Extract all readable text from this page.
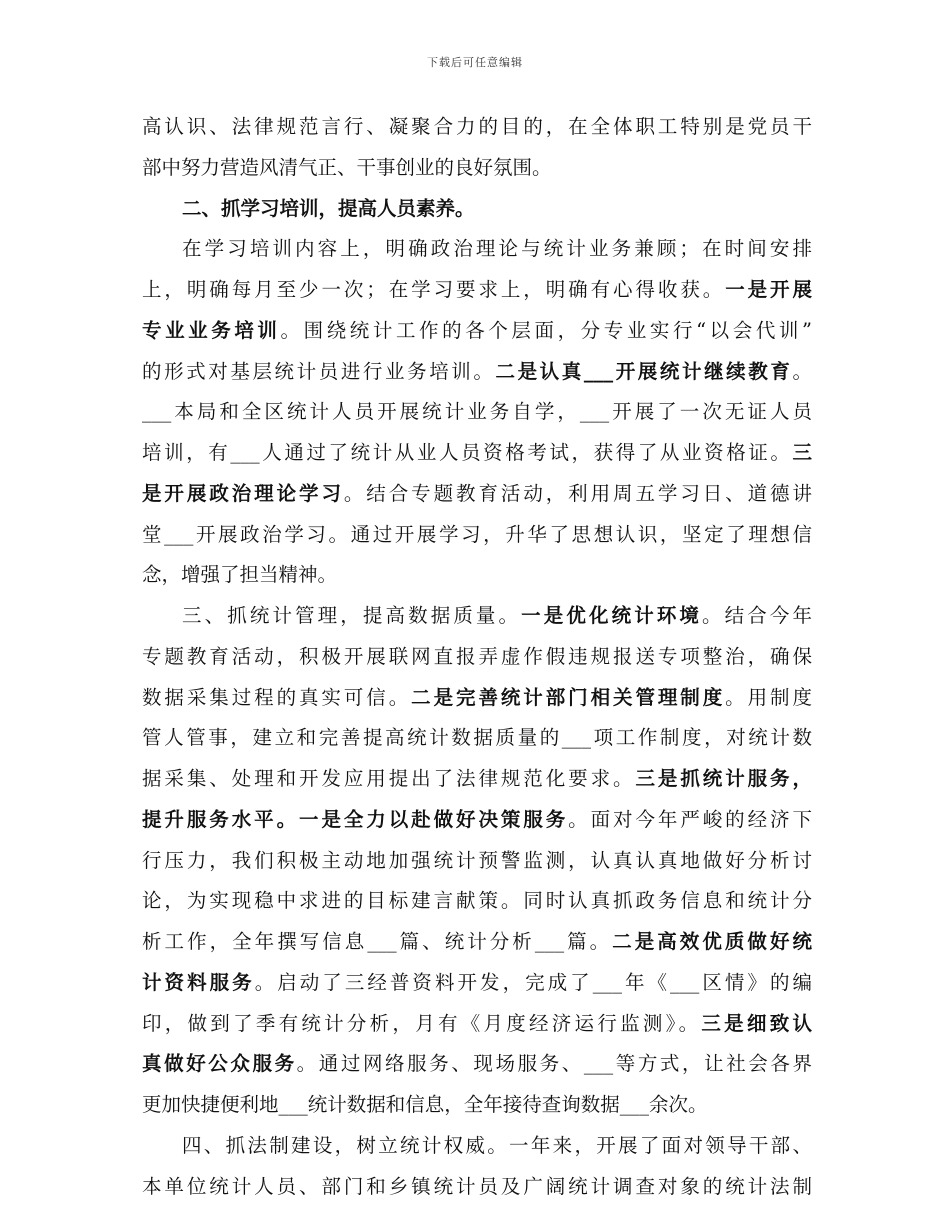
下载后可任意编辑
高认识、法律规范言行、凝聚合力的目的，在全体职工特别是党员干
部中努力营造风清气正、干事创业的良好氛围。
二、抓学习培训，提高人员素养。
在学习培训内容上，明确政治理论与统计业务兼顾；在时间安排
上，明确每月至少一次；在学习要求上，明确有心得收获。一是开展
专业业务培训。围绕统计工作的各个层面，分专业实行“以会代训”
的形式对基层统计员进行业务培训。二是认真___开展统计继续教育。
___本局和全区统计人员开展统计业务自学，___开展了一次无证人员
培训，有___人通过了统计从业人员资格考试，获得了从业资格证。三
是开展政治理论学习。结合专题教育活动，利用周五学习日、道德讲
堂___开展政治学习。通过开展学习，升华了思想认识，坚定了理想信
念，增强了担当精神。
三、抓统计管理，提高数据质量。一是优化统计环境。结合今年
专题教育活动，积极开展联网直报弄虚作假违规报送专项整治，确保
数据采集过程的真实可信。二是完善统计部门相关管理制度。用制度
管人管事，建立和完善提高统计数据质量的___项工作制度，对统计数
据采集、处理和开发应用提出了法律规范化要求。三是抓统计服务，
提升服务水平。一是全力以赴做好决策服务。面对今年严峻的经济下
行压力，我们积极主动地加强统计预警监测，认真认真地做好分析讨
论，为实现稳中求进的目标建言献策。同时认真抓政务信息和统计分
析工作，全年撰写信息___篇、统计分析___篇。二是高效优质做好统
计资料服务。启动了三经普资料开发，完成了___年《___区情》的编
印，做到了季有统计分析，月有《月度经济运行监测》。三是细致认
真做好公众服务。通过网络服务、现场服务、___等方式，让社会各界
更加快捷便利地___统计数据和信息，全年接待查询数据___余次。
四、抓法制建设，树立统计权威。一年来，开展了面对领导干部、
本单位统计人员、部门和乡镇统计员及广阔统计调查对象的统计法制
